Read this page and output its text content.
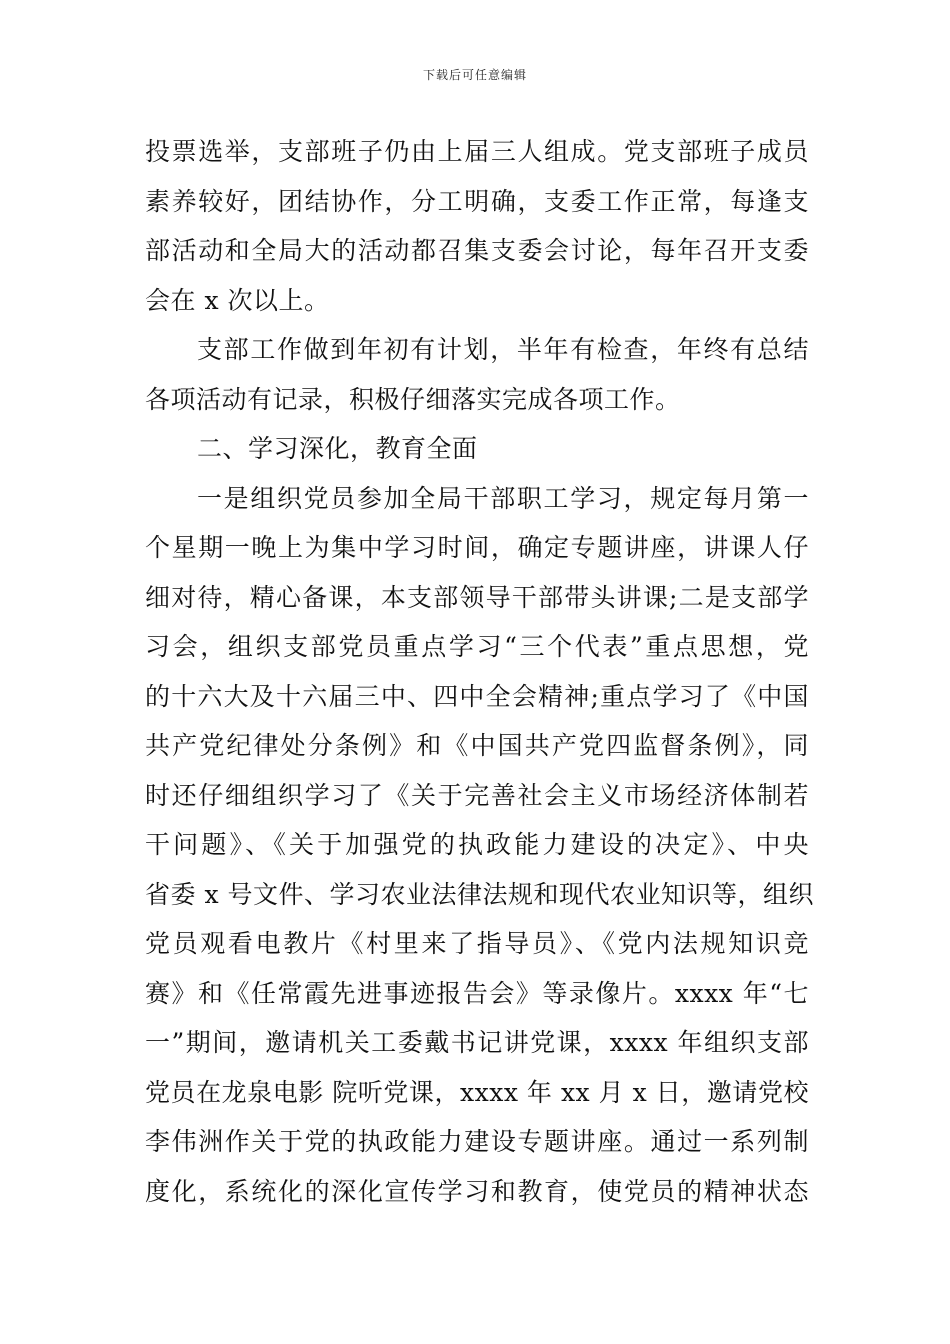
下载后可任意编辑
投票选举，支部班子仍由上届三人组成。党支部班子成员
素养较好，团结协作，分工明确，支委工作正常，每逢支
部活动和全局大的活动都召集支委会讨论，每年召开支委
会在 x 次以上。
支部工作做到年初有计划，半年有检查，年终有总结
各项活动有记录，积极仔细落实完成各项工作。
二、学习深化，教育全面
一是组织党员参加全局干部职工学习，规定每月第一
个星期一晚上为集中学习时间，确定专题讲座，讲课人仔
细对待，精心备课，本支部领导干部带头讲课;二是支部学
习会，组织支部党员重点学习“三个代表”重点思想，党
的十六大及十六届三中、四中全会精神;重点学习了《中国
共产党纪律处分条例》和《中国共产党四监督条例》，同
时还仔细组织学习了《关于完善社会主义市场经济体制若
干问题》、《关于加强党的执政能力建设的决定》、中央
省委 x 号文件、学习农业法律法规和现代农业知识等，组织
党员观看电教片《村里来了指导员》、《党内法规知识竞
赛》和《任常霞先进事迹报告会》等录像片。xxxx 年“七
一”期间，邀请机关工委戴书记讲党课，xxxx 年组织支部
党员在龙泉电影 院听党课，xxxx 年 xx 月 x 日，邀请党校
李伟洲作关于党的执政能力建设专题讲座。通过一系列制
度化，系统化的深化宣传学习和教育，使党员的精神状态
